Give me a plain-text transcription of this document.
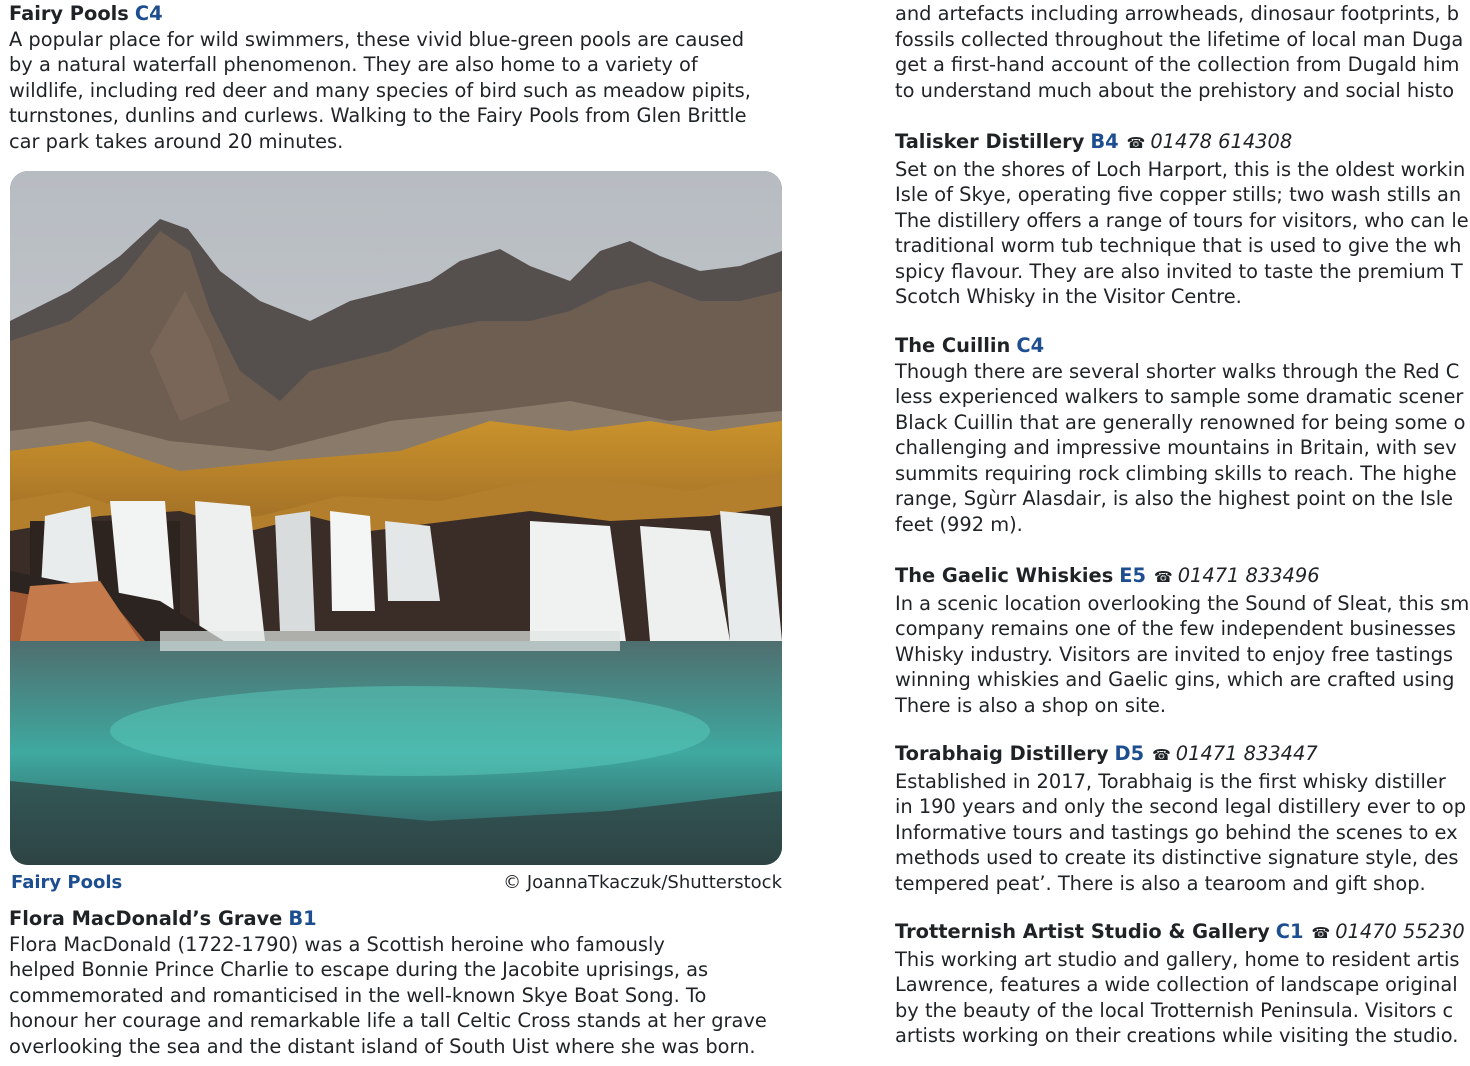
Fairy Pools C4
A popular place for wild swimmers, these vivid blue-green pools are caused
by a natural waterfall phenomenon. They are also home to a variety of
wildlife, including red deer and many species of bird such as meadow pipits,
turnstones, dunlins and curlews. Walking to the Fairy Pools from Glen Brittle
car park takes around 20 minutes.
Flora MacDonald’s Grave B1
Flora MacDonald (1722-1790) was a Scottish heroine who famously
helped Bonnie Prince Charlie to escape during the Jacobite uprisings, as
commemorated and romanticised in the well-known Skye Boat Song. To
honour her courage and remarkable life a tall Celtic Cross stands at her grave
overlooking the sea and the distant island of South Uist where she was born.
Fairy Pools	© JoannaTkaczuk/Shutterstock
and artefacts including arrowheads, dinosaur footprints, b
fossils collected throughout the lifetime of local man Duga
get a first-hand account of the collection from Dugald him
to understand much about the prehistory and social histo
Talisker Distillery B4 ☎ 01478 614308
Set on the shores of Loch Harport, this is the oldest workin
Isle of Skye, operating five copper stills; two wash stills an
The distillery offers a range of tours for visitors, who can le
traditional worm tub technique that is used to give the wh
spicy flavour. They are also invited to taste the premium T
Scotch Whisky in the Visitor Centre.
The Cuillin C4
Though there are several shorter walks through the Red C
less experienced walkers to sample some dramatic scener
Black Cuillin that are generally renowned for being some o
challenging and impressive mountains in Britain, with sev
summits requiring rock climbing skills to reach. The highe
range, Sgùrr Alasdair, is also the highest point on the Isle
feet (992 m).
The Gaelic Whiskies E5 ☎ 01471 833496
In a scenic location overlooking the Sound of Sleat, this sm
company remains one of the few independent businesses
Whisky industry. Visitors are invited to enjoy free tastings
winning whiskies and Gaelic gins, which are crafted using
There is also a shop on site.
Torabhaig Distillery D5 ☎ 01471 833447
Established in 2017, Torabhaig is the first whisky distiller
in 190 years and only the second legal distillery ever to op
Informative tours and tastings go behind the scenes to ex
methods used to create its distinctive signature style, des
tempered peat’. There is also a tearoom and gift shop.
Trotternish Artist Studio & Gallery C1 ☎ 01470 55230
This working art studio and gallery, home to resident artis
Lawrence, features a wide collection of landscape original
by the beauty of the local Trotternish Peninsula. Visitors c
artists working on their creations while visiting the studio.
